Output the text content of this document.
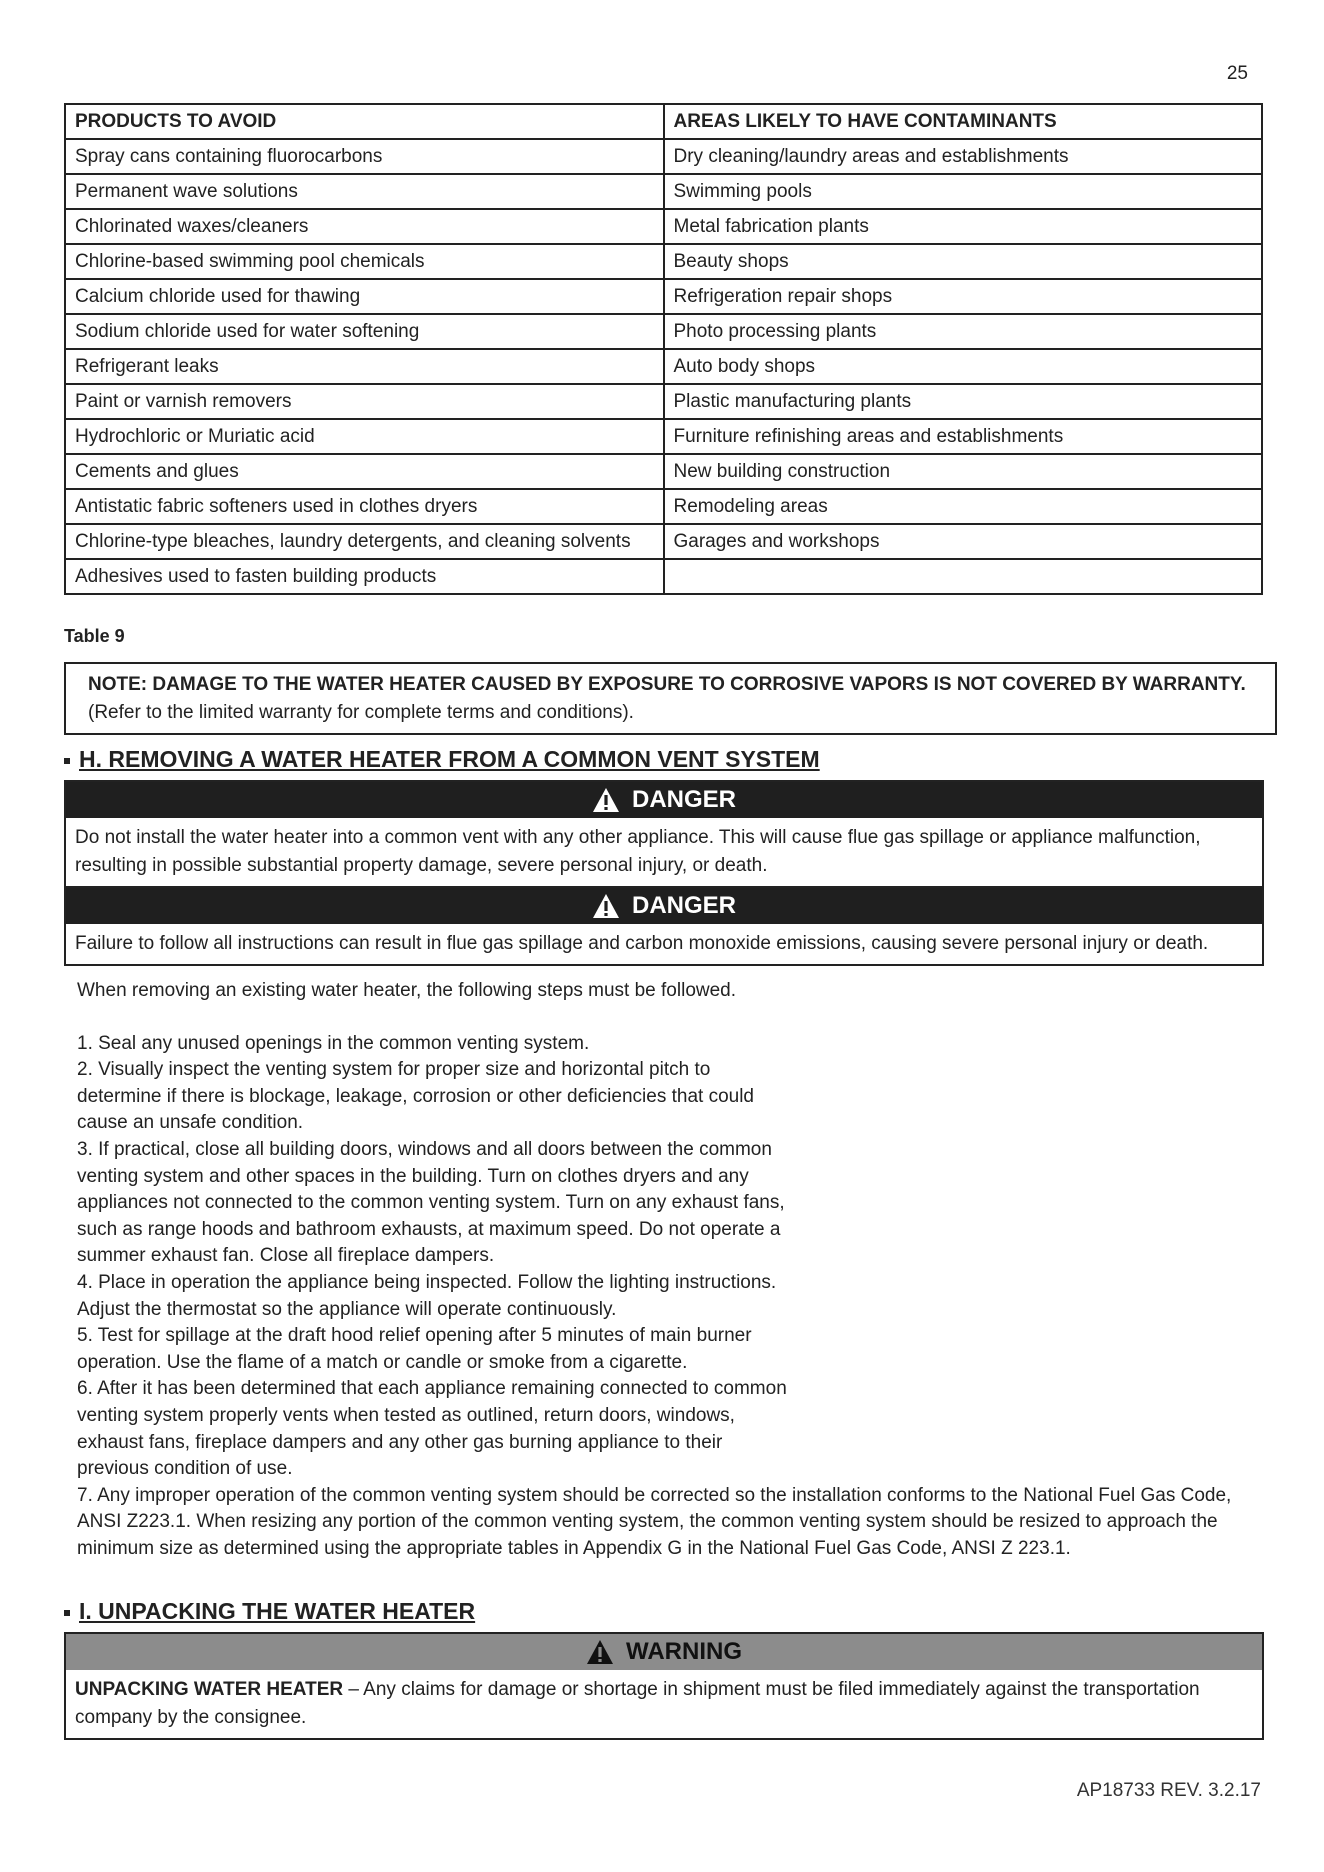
25
PRODUCTS TO AVOID	AREAS LIKELY TO HAVE CONTAMINANTS
Spray cans containing fluorocarbons	Dry cleaning/laundry areas and establishments
Permanent wave solutions	Swimming pools
Chlorinated waxes/cleaners	Metal fabrication plants
Chlorine-based swimming pool chemicals	Beauty shops
Calcium chloride used for thawing	Refrigeration repair shops
Sodium chloride used for water softening	Photo processing plants
Refrigerant leaks	Auto body shops
Paint or varnish removers	Plastic manufacturing plants
Hydrochloric or Muriatic acid	Furniture refinishing areas and establishments
Cements and glues	New building construction
Antistatic fabric softeners used in clothes dryers	Remodeling areas
Chlorine-type bleaches, laundry detergents, and cleaning solvents	Garages and workshops
Adhesives used to fasten building products	
Table 9
NOTE: DAMAGE TO THE WATER HEATER CAUSED BY EXPOSURE TO CORROSIVE VAPORS IS NOT COVERED BY WARRANTY. (Refer to the limited warranty for complete terms and conditions).
H. REMOVING A WATER HEATER FROM A COMMON VENT SYSTEM
DANGER
Do not install the water heater into a common vent with any other appliance. This will cause flue gas spillage or appliance malfunction, resulting in possible substantial property damage, severe personal injury, or death.
DANGER
Failure to follow all instructions can result in flue gas spillage and carbon monoxide emissions, causing severe personal injury or death.
When removing an existing water heater, the following steps must be followed.
1. Seal any unused openings in the common venting system.
2. Visually inspect the venting system for proper size and horizontal pitch to determine if there is blockage, leakage, corrosion or other deficiencies that could cause an unsafe condition.
3. If practical, close all building doors, windows and all doors between the common venting system and other spaces in the building. Turn on clothes dryers and any appliances not connected to the common venting system. Turn on any exhaust fans, such as range hoods and bathroom exhausts, at maximum speed. Do not operate a summer exhaust fan. Close all fireplace dampers.
4. Place in operation the appliance being inspected. Follow the lighting instructions. Adjust the thermostat so the appliance will operate continuously.
5. Test for spillage at the draft hood relief opening after 5 minutes of main burner operation. Use the flame of a match or candle or smoke from a cigarette.
6. After it has been determined that each appliance remaining connected to common venting system properly vents when tested as outlined, return doors, windows, exhaust fans, fireplace dampers and any other gas burning appliance to their previous condition of use.
7. Any improper operation of the common venting system should be corrected so the installation conforms to the National Fuel Gas Code, ANSI Z223.1. When resizing any portion of the common venting system, the common venting system should be resized to approach the minimum size as determined using the appropriate tables in Appendix G in the National Fuel Gas Code, ANSI Z 223.1.
I. UNPACKING THE WATER HEATER
WARNING
UNPACKING WATER HEATER – Any claims for damage or shortage in shipment must be filed immediately against the transportation company by the consignee.
AP18733 REV. 3.2.17
